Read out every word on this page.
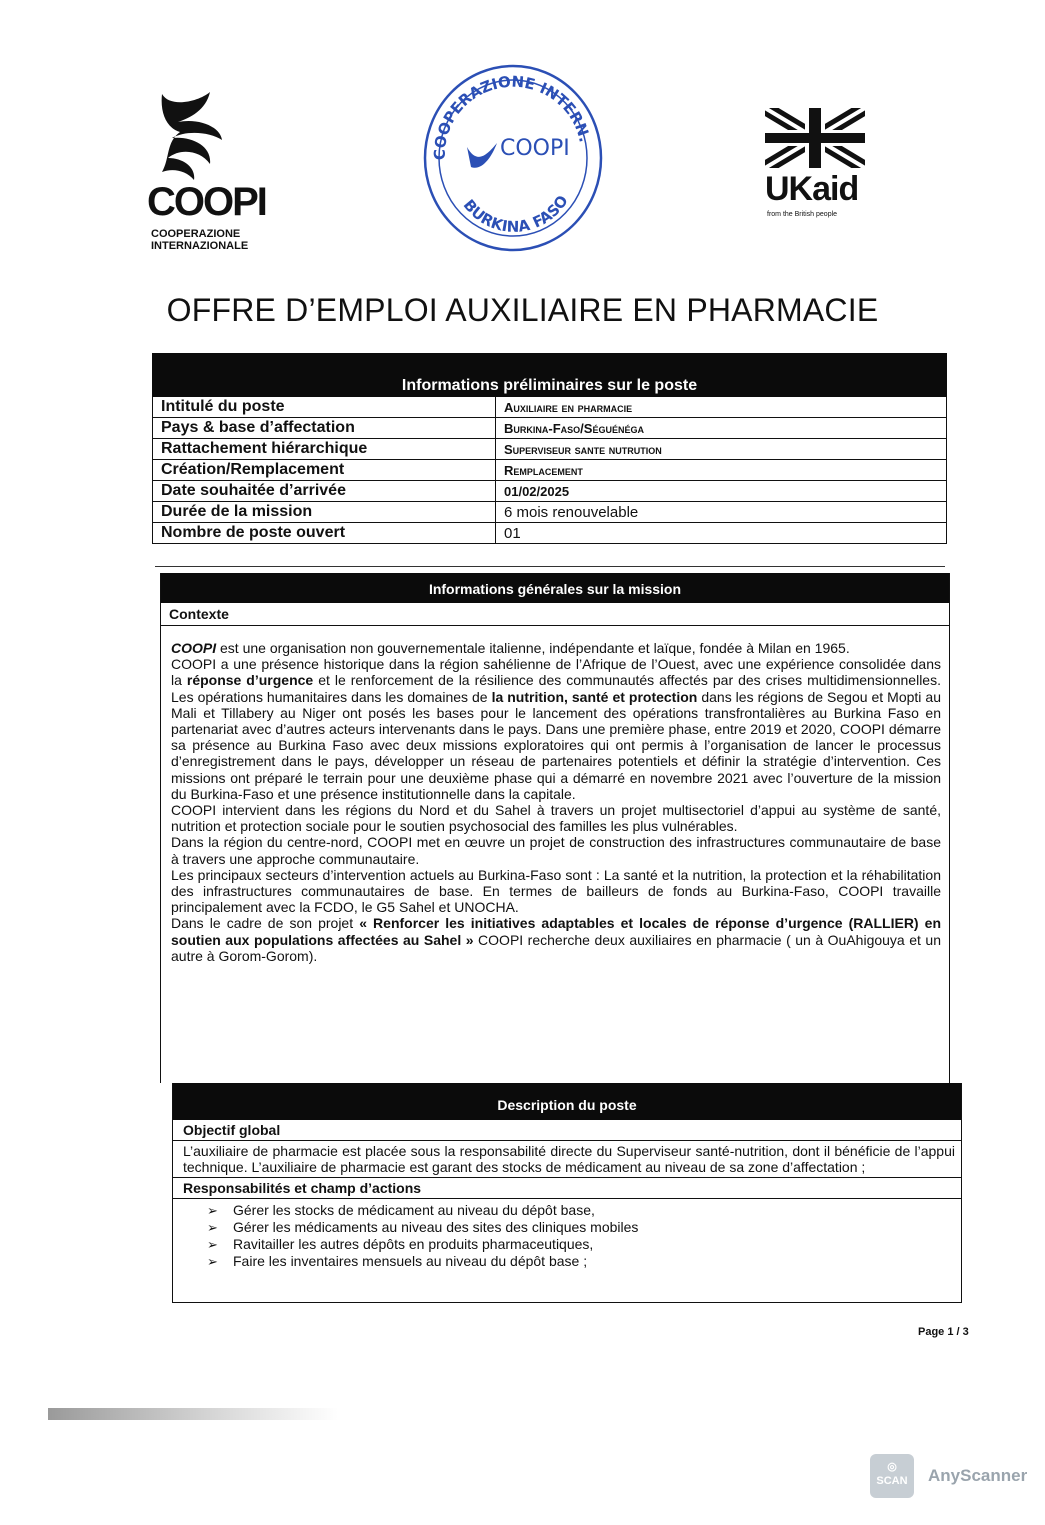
COOPI
COOPERAZIONE
INTERNAZIONALE
COOPERAZIONE INTERN.
BURKINA FASO
COOPI
UKaid
from the British people
OFFRE D’EMPLOI AUXILIAIRE EN PHARMACIE
Informations préliminaires sur le poste
Intitulé du poste	Auxiliaire en pharmacie
Pays & base d’affectation	Burkina-Faso/Séguénéga
Rattachement hiérarchique	Superviseur sante nutrution
Création/Remplacement	Remplacement
Date souhaitée d’arrivée	01/02/2025
Durée de la mission	6 mois renouvelable
Nombre de poste ouvert	01
Informations générales sur la mission
Contexte

COOPI est une organisation non gouvernementale italienne, indépendante et laïque, fondée à Milan en 1965.

COOPI a une présence historique dans la région sahélienne de l’Afrique de l’Ouest, avec une expérience consolidée dans la réponse d’urgence et le renforcement de la résilience des communautés affectés par des crises multidimensionnelles. Les opérations humanitaires dans les domaines de la nutrition, santé et protection dans les régions de Segou et Mopti au Mali et Tillabery au Niger ont posés les bases pour le lancement des opérations transfrontalières au Burkina Faso en partenariat avec d’autres acteurs intervenants dans le pays. Dans une première phase, entre 2019 et 2020, COOPI démarre sa présence au Burkina Faso avec deux missions exploratoires qui ont permis à l’organisation de lancer le processus d’enregistrement dans le pays, développer un réseau de partenaires potentiels et définir la stratégie d’intervention. Ces missions ont préparé le terrain pour une deuxième phase qui a démarré en novembre 2021 avec l’ouverture de la mission du Burkina-Faso et une présence institutionnelle dans la capitale.

COOPI intervient dans les régions du Nord et du Sahel à travers un projet multisectoriel d’appui au système de santé, nutrition et protection sociale pour le soutien psychosocial des familles les plus vulnérables.

Dans la région du centre-nord, COOPI met en œuvre un projet de construction des infrastructures communautaire de base à travers une approche communautaire.

Les principaux secteurs d’intervention actuels au Burkina-Faso sont : La santé et la nutrition, la protection et la réhabilitation des infrastructures communautaires de base. En termes de bailleurs de fonds au Burkina-Faso, COOPI travaille principalement avec la FCDO, le G5 Sahel et UNOCHA.

Dans le cadre de son projet « Renforcer les initiatives adaptables et locales de réponse d’urgence (RALLIER) en soutien aux populations affectées au Sahel » COOPI recherche deux auxiliaires en pharmacie ( un à OuAhigouya et un autre à Gorom-Gorom).

Description du poste
Objectif global
L’auxiliaire de pharmacie est placée sous la responsabilité directe du Superviseur santé-nutrition, dont il bénéficie de l’appui technique. L’auxiliaire de pharmacie est garant des stocks de médicament au niveau de sa zone d’affectation ;
Responsabilités et champ d’actions
➢ Gérer les stocks de médicament au niveau du dépôt base,
➢ Gérer les médicaments au niveau des sites des cliniques mobiles
➢ Ravitailler les autres dépôts en produits pharmaceutiques,
➢ Faire les inventaires mensuels au niveau du dépôt base ;
Page 1 / 3
◎
SCAN	AnyScanner
